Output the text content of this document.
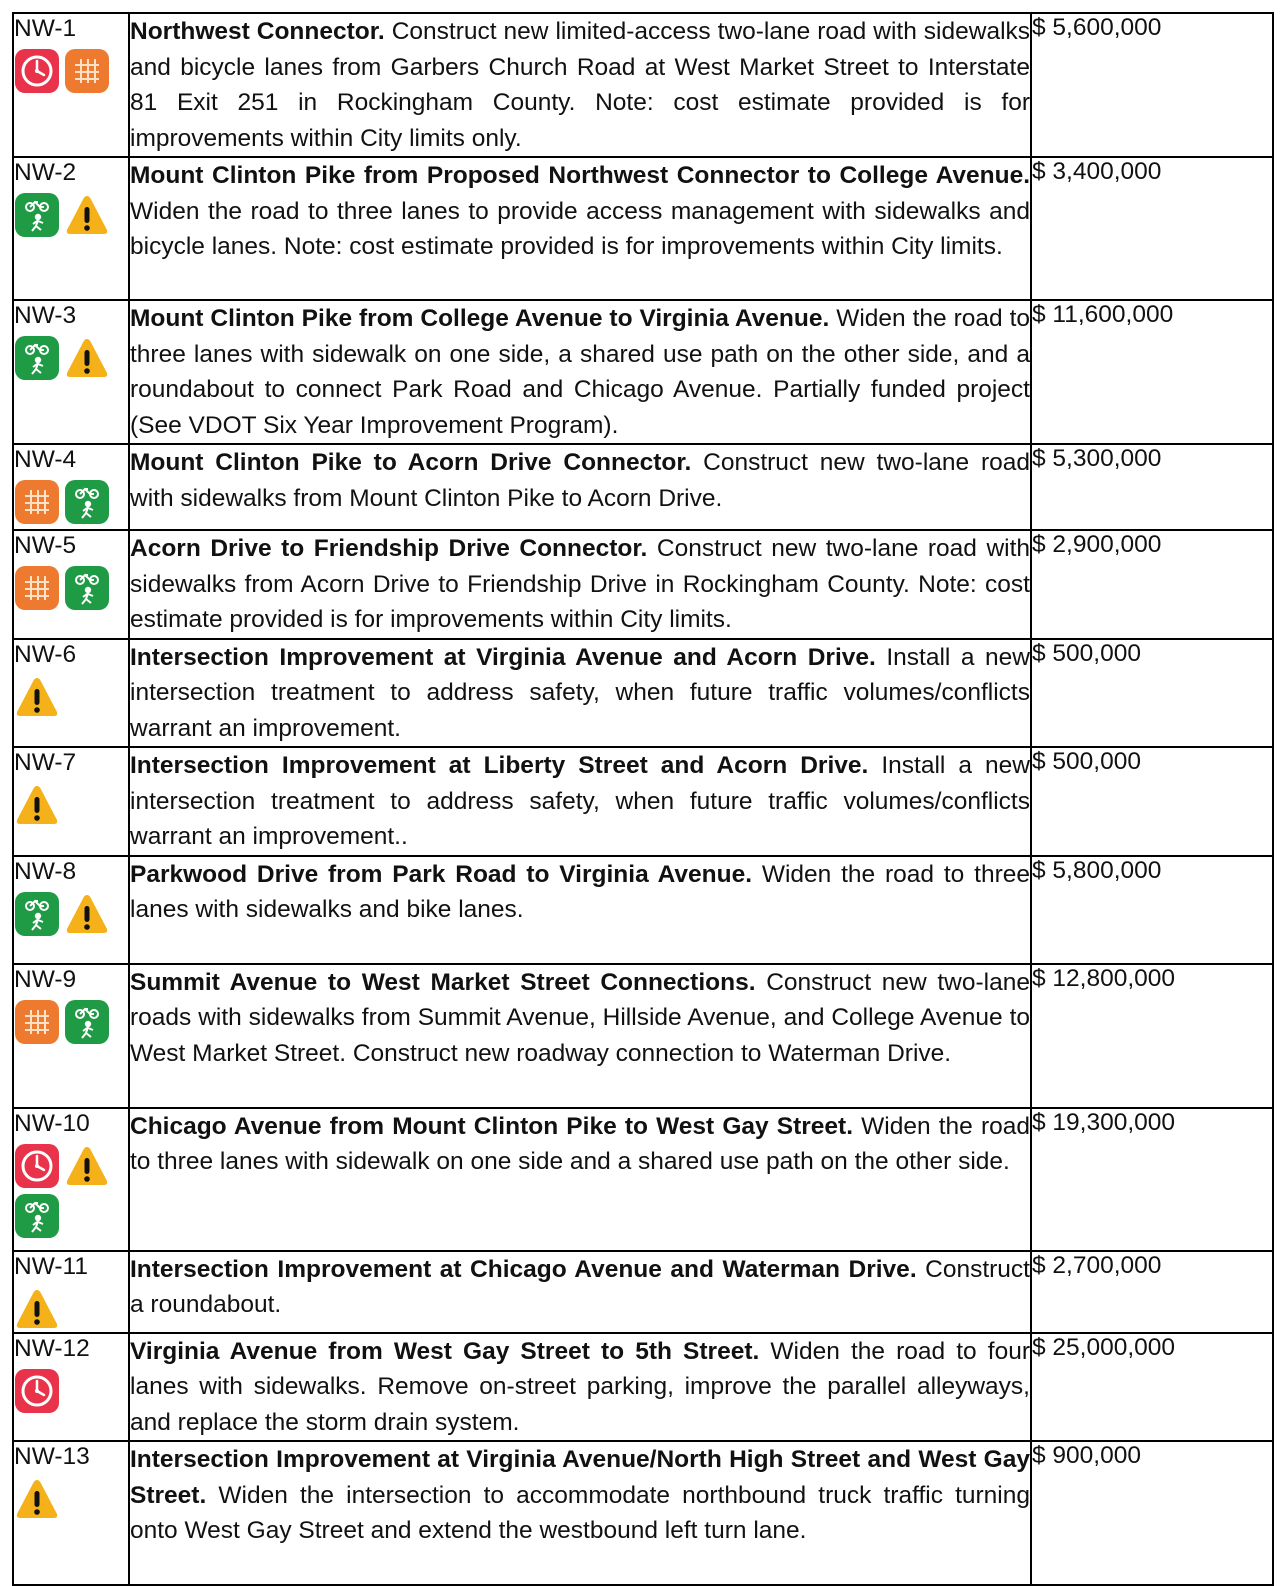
NW-1	Northwest Connector. Construct new limited-access two-lane road with sidewalks and bicycle lanes from Garbers Church Road at West Market Street to Interstate 81 Exit 251 in Rockingham County. Note: cost estimate provided is for improvements within City limits only.	$ 5,600,000

NW-2	Mount Clinton Pike from Proposed Northwest Connector to College Avenue. Widen the road to three lanes to provide access management with sidewalks and bicycle lanes. Note: cost estimate provided is for improvements within City limits.	$ 3,400,000

NW-3	Mount Clinton Pike from College Avenue to Virginia Avenue. Widen the road to three lanes with sidewalk on one side, a shared use path on the other side, and a roundabout to connect Park Road and Chicago Avenue. Partially funded project (See VDOT Six Year Improvement Program).	$ 11,600,000

NW-4	Mount Clinton Pike to Acorn Drive Connector. Construct new two-lane road with sidewalks from Mount Clinton Pike to Acorn Drive.	$ 5,300,000

NW-5	Acorn Drive to Friendship Drive Connector. Construct new two-lane road with sidewalks from Acorn Drive to Friendship Drive in Rockingham County. Note: cost estimate provided is for improvements within City limits.	$ 2,900,000

NW-6	Intersection Improvement at Virginia Avenue and Acorn Drive. Install a new intersection treatment to address safety, when future traffic volumes/conflicts warrant an improvement.	$ 500,000

NW-7	Intersection Improvement at Liberty Street and Acorn Drive. Install a new intersection treatment to address safety, when future traffic volumes/conflicts warrant an improvement..	$ 500,000

NW-8	Parkwood Drive from Park Road to Virginia Avenue. Widen the road to three lanes with sidewalks and bike lanes.	$ 5,800,000

NW-9	Summit Avenue to West Market Street Connections. Construct new two-lane roads with sidewalks from Summit Avenue, Hillside Avenue, and College Avenue to West Market Street. Construct new roadway connection to Waterman Drive.	$ 12,800,000

NW-10	Chicago Avenue from Mount Clinton Pike to West Gay Street. Widen the road to three lanes with sidewalk on one side and a shared use path on the other side.	$ 19,300,000

NW-11	Intersection Improvement at Chicago Avenue and Waterman Drive. Construct a roundabout.	$ 2,700,000

NW-12	Virginia Avenue from West Gay Street to 5th Street. Widen the road to four lanes with sidewalks. Remove on-street parking, improve the parallel alleyways, and replace the storm drain system.	$ 25,000,000

NW-13	Intersection Improvement at Virginia Avenue/North High Street and West Gay Street. Widen the intersection to accommodate northbound truck traffic turning onto West Gay Street and extend the westbound left turn lane.	$ 900,000
